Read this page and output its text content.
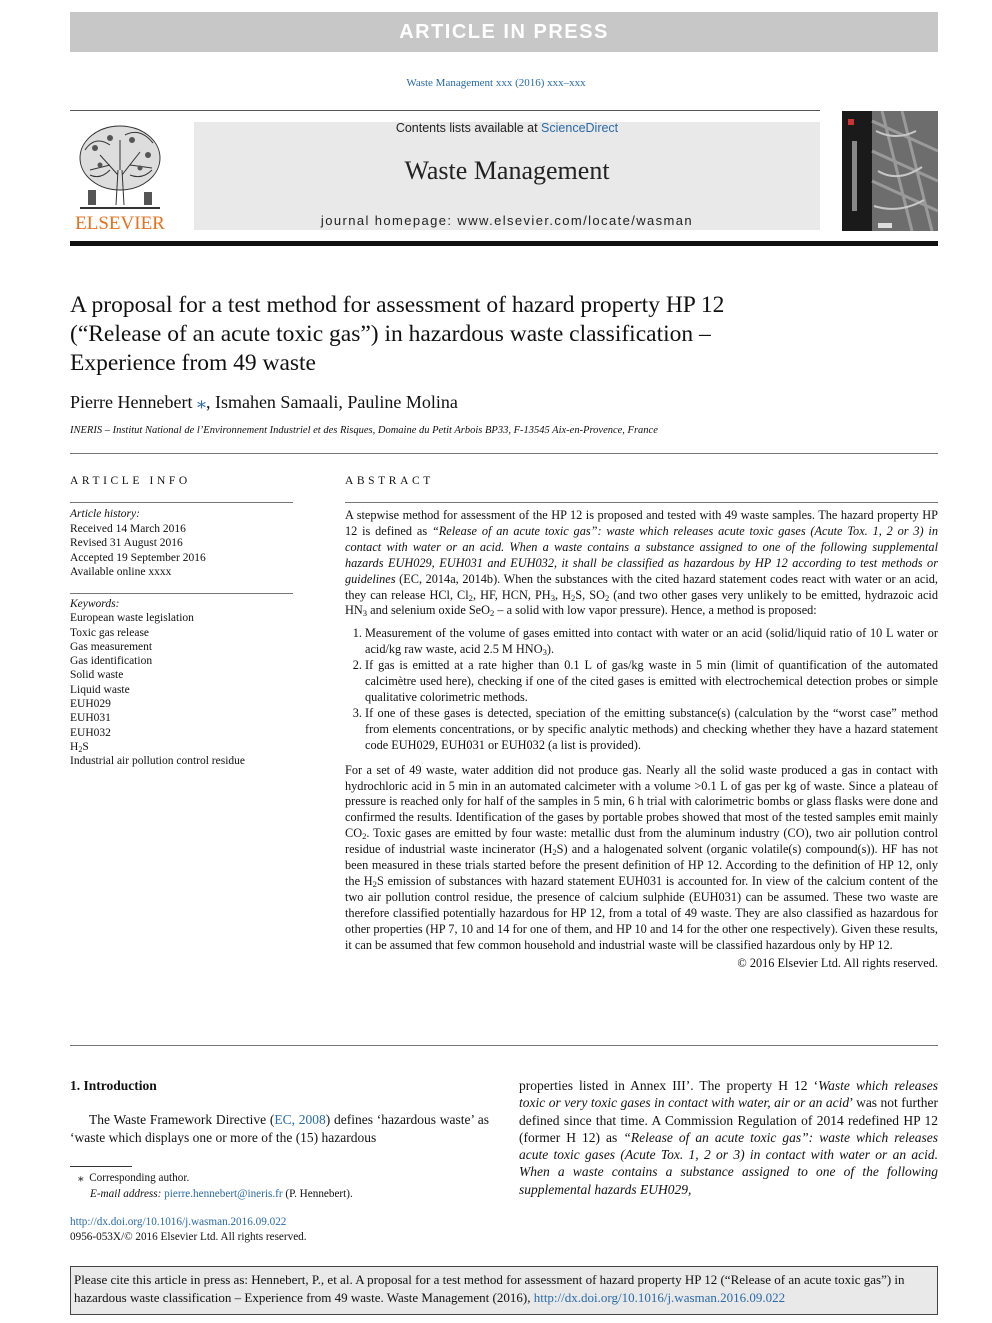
ARTICLE IN PRESS
Waste Management xxx (2016) xxx–xxx
ELSEVIER
Contents lists available at ScienceDirect
Waste Management
journal homepage: www.elsevier.com/locate/wasman
A proposal for a test method for assessment of hazard property HP 12 (“Release of an acute toxic gas”) in hazardous waste classification – Experience from 49 waste
Pierre Hennebert ⁎, Ismahen Samaali, Pauline Molina
INERIS – Institut National de l’Environnement Industriel et des Risques, Domaine du Petit Arbois BP33, F-13545 Aix-en-Provence, France
ARTICLE INFO	ABSTRACT
Article history:
Received 14 March 2016
Revised 31 August 2016
Accepted 19 September 2016
Available online xxxx
Keywords:
European waste legislation
Toxic gas release
Gas measurement
Gas identification
Solid waste
Liquid waste
EUH029
EUH031
EUH032
$H_2S$
Industrial air pollution control residue

A stepwise method for assessment of the HP 12 is proposed and tested with 49 waste samples. The hazard property HP 12 is defined as “Release of an acute toxic gas”: waste which releases acute toxic gases (Acute Tox. 1, 2 or 3) in contact with water or an acid. When a waste contains a substance assigned to one of the following supplemental hazards EUH029, EUH031 and EUH032, it shall be classified as hazardous by HP 12 according to test methods or guidelines (EC, 2014a, 2014b). When the substances with the cited hazard statement codes react with water or an acid, they can release HCl, $Cl_2$, HF, HCN, $PH_3$, $H_2S$, $SO_2$ (and two other gases very unlikely to be emitted, hydrazoic acid $HN_3$ and selenium oxide SeO$_2$ – a solid with low vapor pressure). Hence, a method is proposed:

1. Measurement of the volume of gases emitted into contact with water or an acid (solid/liquid ratio of 10 L water or acid/kg raw waste, acid 2.5 M $HNO_3$).
2. If gas is emitted at a rate higher than 0.1 L of gas/kg waste in 5 min (limit of quantification of the automated calcimètre used here), checking if one of the cited gases is emitted with electrochemical detection probes or simple qualitative colorimetric methods.
3. If one of these gases is detected, speciation of the emitting substance(s) (calculation by the “worst case” method from elements concentrations, or by specific analytic methods) and checking whether they have a hazard statement code EUH029, EUH031 or EUH032 (a list is provided).

For a set of 49 waste, water addition did not produce gas. Nearly all the solid waste produced a gas in contact with hydrochloric acid in 5 min in an automated calcimeter with a volume >0.1 L of gas per kg of waste. Since a plateau of pressure is reached only for half of the samples in 5 min, 6 h trial with calorimetric bombs or glass flasks were done and confirmed the results. Identification of the gases by portable probes showed that most of the tested samples emit mainly $CO_2$. Toxic gases are emitted by four waste: metallic dust from the aluminum industry (CO), two air pollution control residue of industrial waste incinerator $(H_2S)$ and a halogenated solvent (organic volatile(s) compound(s)). HF has not been measured in these trials started before the present definition of HP 12. According to the definition of HP 12, only the $H_2S$ emission of substances with hazard statement EUH031 is accounted for. In view of the calcium content of the two air pollution control residue, the presence of calcium sulphide (EUH031) can be assumed. These two waste are therefore classified potentially hazardous for HP 12, from a total of 49 waste. They are also classified as hazardous for other properties (HP 7, 10 and 14 for one of them, and HP 10 and 14 for the other one respectively). Given these results, it can be assumed that few common household and industrial waste will be classified hazardous only by HP 12.

© 2016 Elsevier Ltd. All rights reserved.

1. Introduction
The Waste Framework Directive (EC, 2008) defines ‘hazardous waste’ as ‘waste which displays one or more of the (15) hazardous
properties listed in Annex III’. The property H 12 ‘Waste which releases toxic or very toxic gases in contact with water, air or an acid’ was not further defined since that time. A Commission Regulation of 2014 redefined HP 12 (former H 12) as “Release of an acute toxic gas”: waste which releases acute toxic gases (Acute Tox. 1, 2 or 3) in contact with water or an acid. When a waste contains a substance assigned to one of the following supplemental hazards EUH029,
⁎ Corresponding author.
E-mail address: pierre.hennebert@ineris.fr (P. Hennebert).
http://dx.doi.org/10.1016/j.wasman.2016.09.022
0956-053X/© 2016 Elsevier Ltd. All rights reserved.
Please cite this article in press as: Hennebert, P., et al. A proposal for a test method for assessment of hazard property HP 12 (“Release of an acute toxic gas”) in hazardous waste classification – Experience from 49 waste. Waste Management (2016), http://dx.doi.org/10.1016/j.wasman.2016.09.022
